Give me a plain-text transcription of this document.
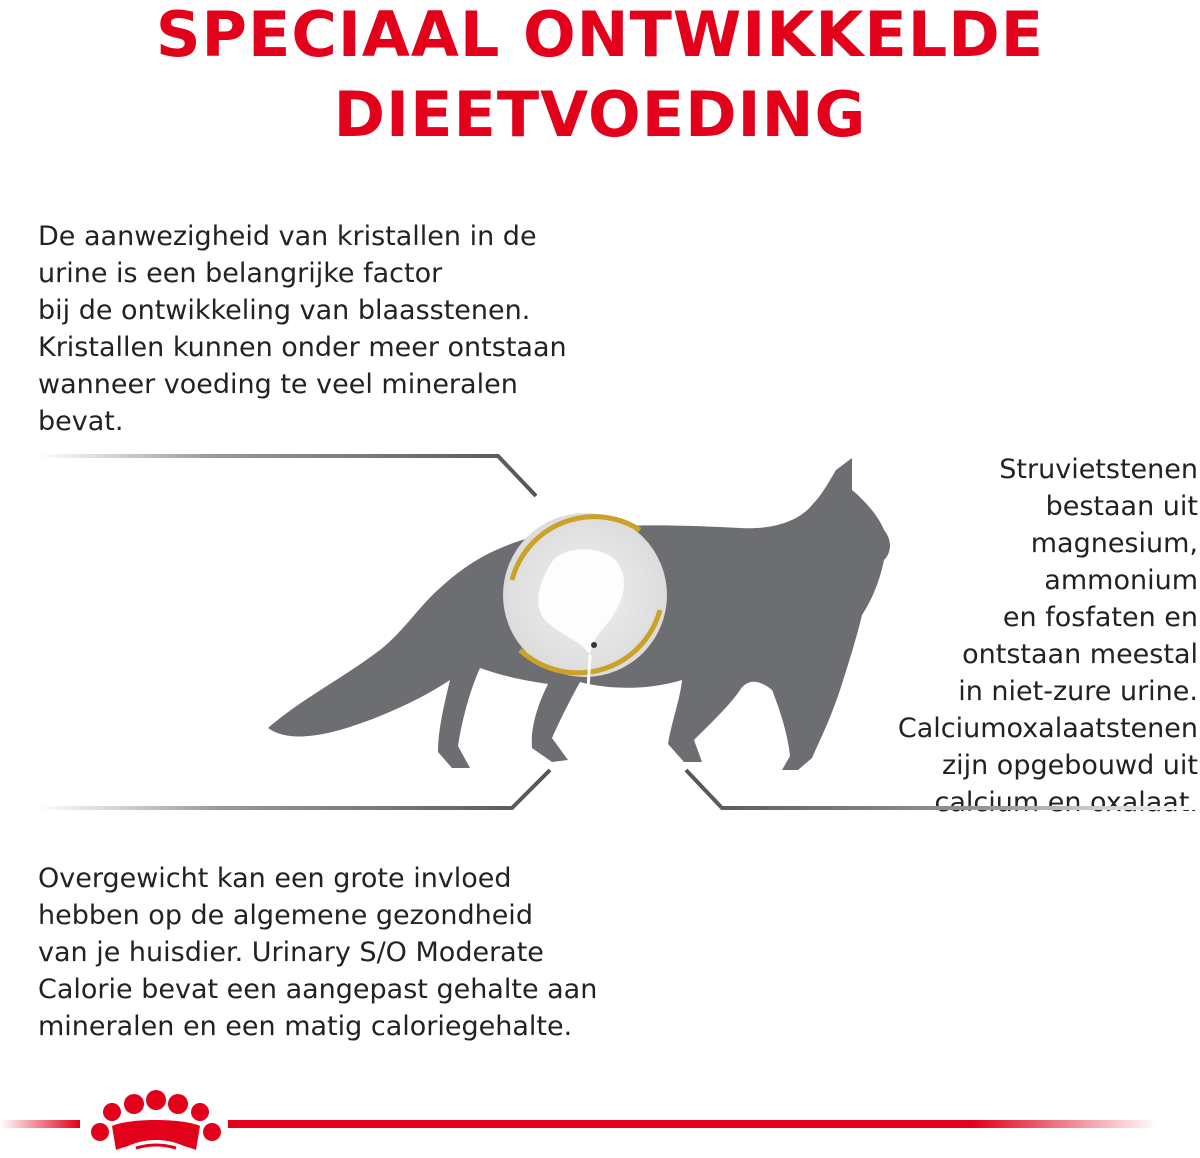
SPECIAAL ONTWIKKELDE
DIEETVOEDING
De aanwezigheid van kristallen in de
urine is een belangrijke factor
bij de ontwikkeling van blaasstenen.
Kristallen kunnen onder meer ontstaan
wanneer voeding te veel mineralen
bevat.
Struvietstenen
bestaan uit
magnesium,
ammonium
en fosfaten en
ontstaan meestal
in niet-zure urine.
Calciumoxalaatstenen
zijn opgebouwd uit
calcium en oxalaat.
Overgewicht kan een grote invloed
hebben op de algemene gezondheid
van je huisdier. Urinary S/O Moderate
Calorie bevat een aangepast gehalte aan
mineralen en een matig caloriegehalte.
